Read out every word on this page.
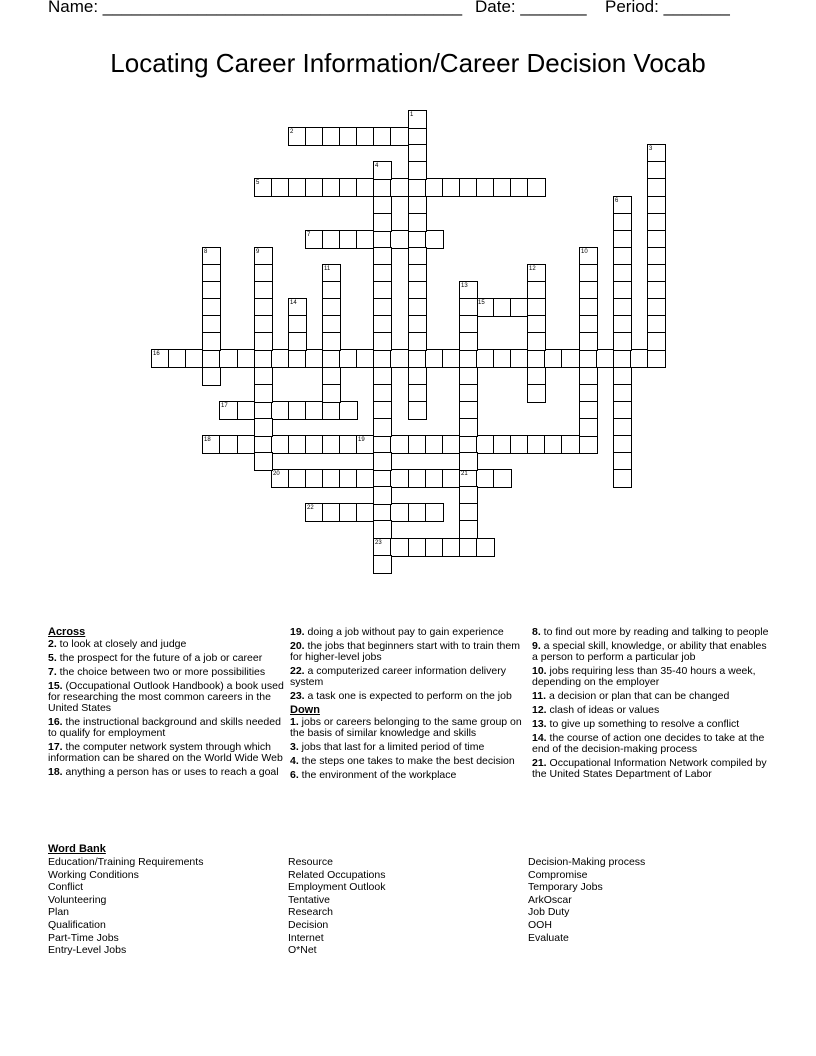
Name: ______________________________________ Date: _______ Period: _______
Locating Career Information/Career Decision Vocab
2
5
7
15
16
17
18	19
20	21
22
23
1
3
4
6
8	9	10
11	12
13
14
Across
2. to look at closely and judge
5. the prospect for the future of a job or career
7. the choice between two or more possibilities
15. (Occupational Outlook Handbook) a book used for researching the most common careers in the United States
16. the instructional background and skills needed to qualify for employment
17. the computer network system through which information can be shared on the World Wide Web
18. anything a person has or uses to reach a goal
19. doing a job without pay to gain experience
20. the jobs that beginners start with to train them for higher-level jobs
22. a computerized career information delivery system
23. a task one is expected to perform on the job
Down
1. jobs or careers belonging to the same group on the basis of similar knowledge and skills
3. jobs that last for a limited period of time
4. the steps one takes to make the best decision
6. the environment of the workplace
8. to find out more by reading and talking to people
9. a special skill, knowledge, or ability that enables a person to perform a particular job
10. jobs requiring less than 35-40 hours a week, depending on the employer
11. a decision or plan that can be changed
12. clash of ideas or values
13. to give up something to resolve a conflict
14. the course of action one decides to take at the end of the decision-making process
21. Occupational Information Network compiled by the United States Department of Labor
Word Bank
Education/Training Requirements
Working Conditions
Conflict
Volunteering
Plan
Qualification
Part-Time Jobs
Entry-Level Jobs
Resource
Related Occupations
Employment Outlook
Tentative
Research
Decision
Internet
O*Net
Decision-Making process
Compromise
Temporary Jobs
ArkOscar
Job Duty
OOH
Evaluate
